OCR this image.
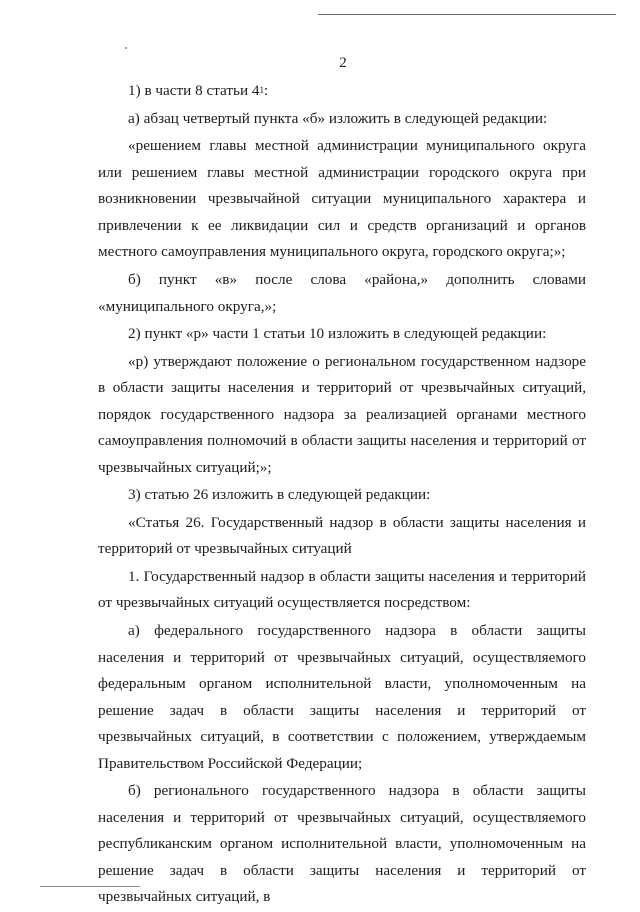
2

1) в части 8 статьи $4^1$:

а) абзац четвертый пункта «б» изложить в следующей редакции:

«решением главы местной администрации муниципального округа или решением главы местной администрации городского округа при возникновении чрезвычайной ситуации муниципального характера и привлечении к ее ликвидации сил и средств организаций и органов местного самоуправления муниципального округа, городского округа;»;

б) пункт «в» после слова «района,» дополнить словами «муниципального округа,»;

2) пункт «р» части 1 статьи 10 изложить в следующей редакции:

«р) утверждают положение о региональном государственном надзоре в области защиты населения и территорий от чрезвычайных ситуаций, порядок государственного надзора за реализацией органами местного самоуправления полномочий в области защиты населения и территорий от чрезвычайных ситуаций;»;

3) статью 26 изложить в следующей редакции:

«Статья 26. Государственный надзор в области защиты населения и территорий от чрезвычайных ситуаций

1. Государственный надзор в области защиты населения и территорий от чрезвычайных ситуаций осуществляется посредством:

а) федерального государственного надзора в области защиты населения и территорий от чрезвычайных ситуаций, осуществляемого федеральным органом исполнительной власти, уполномоченным на решение задач в области защиты населения и территорий от чрезвычайных ситуаций, в соответствии с положением, утверждаемым Правительством Российской Федерации;

б) регионального государственного надзора в области защиты населения и территорий от чрезвычайных ситуаций, осуществляемого республиканским органом исполнительной власти, уполномоченным на решение задач в области защиты населения и территорий от чрезвычайных ситуаций, в
